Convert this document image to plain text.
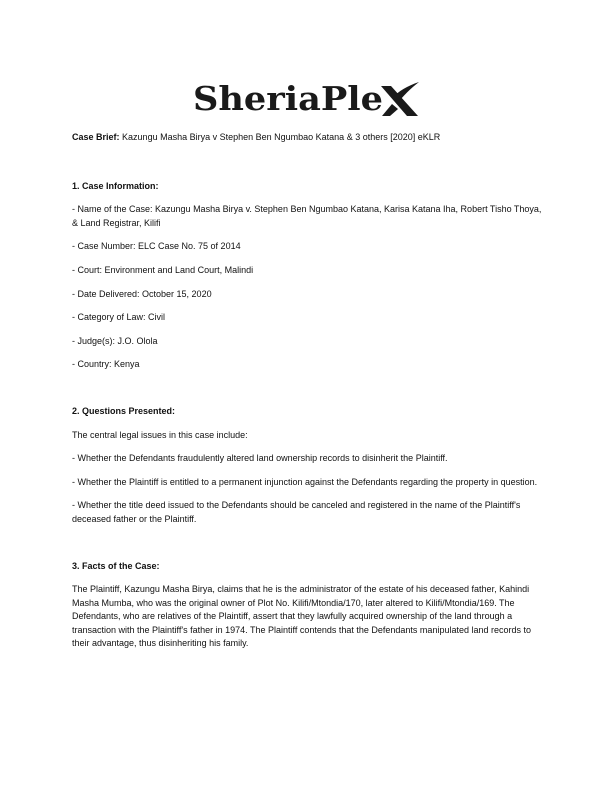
SheriaPle

Case Brief: Kazungu Masha Birya v Stephen Ben Ngumbao Katana & 3 others [2020] eKLR

1. Case Information:

- Name of the Case: Kazungu Masha Birya v. Stephen Ben Ngumbao Katana, Karisa Katana Iha, Robert Tisho Thoya, & Land Registrar, Kilifi

- Case Number: ELC Case No. 75 of 2014

- Court: Environment and Land Court, Malindi

- Date Delivered: October 15, 2020

- Category of Law: Civil

- Judge(s): J.O. Olola

- Country: Kenya

2. Questions Presented:

The central legal issues in this case include:

- Whether the Defendants fraudulently altered land ownership records to disinherit the Plaintiff.

- Whether the Plaintiff is entitled to a permanent injunction against the Defendants regarding the property in question.

- Whether the title deed issued to the Defendants should be canceled and registered in the name of the Plaintiff's deceased father or the Plaintiff.

3. Facts of the Case:

The Plaintiff, Kazungu Masha Birya, claims that he is the administrator of the estate of his deceased father, Kahindi Masha Mumba, who was the original owner of Plot No. Kilifi/Mtondia/170, later altered to Kilifi/Mtondia/169. The Defendants, who are relatives of the Plaintiff, assert that they lawfully acquired ownership of the land through a transaction with the Plaintiff's father in 1974. The Plaintiff contends that the Defendants manipulated land records to their advantage, thus disinheriting his family.
